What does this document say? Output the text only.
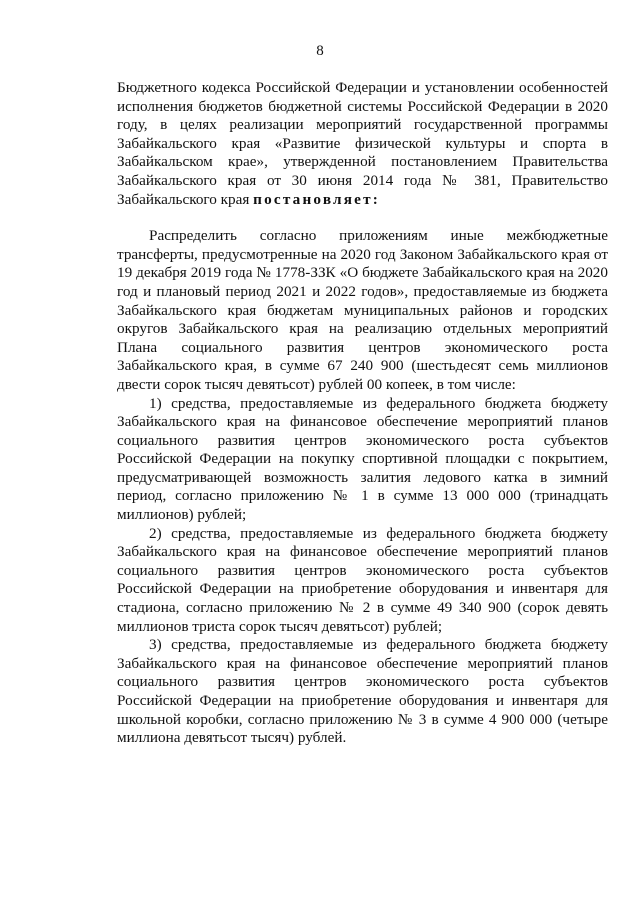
8

Бюджетного кодекса Российской Федерации и установлении особенностей исполнения бюджетов бюджетной системы Российской Федерации в 2020 году, в целях реализации мероприятий государственной программы Забайкальского края «Развитие физической культуры и спорта в Забайкальском крае», утвержденной постановлением Правительства Забайкальского края от 30 июня 2014 года № 381, Правительство Забайкальского края постановляет:

Распределить согласно приложениям иные межбюджетные трансферты, предусмотренные на 2020 год Законом Забайкальского края от 19 декабря 2019 года № 1778-ЗЗК «О бюджете Забайкальского края на 2020 год и плановый период 2021 и 2022 годов», предоставляемые из бюджета Забайкальского края бюджетам муниципальных районов и городских округов Забайкальского края на реализацию отдельных мероприятий Плана социального развития центров экономического роста Забайкальского края, в сумме 67 240 900 (шестьдесят семь миллионов двести сорок тысяч девятьсот) рублей 00 копеек, в том числе:

1) средства, предоставляемые из федерального бюджета бюджету Забайкальского края на финансовое обеспечение мероприятий планов социального развития центров экономического роста субъектов Российской Федерации на покупку спортивной площадки с покрытием, предусматривающей возможность залития ледового катка в зимний период, согласно приложению № 1 в сумме 13 000 000 (тринадцать миллионов) рублей;

2) средства, предоставляемые из федерального бюджета бюджету Забайкальского края на финансовое обеспечение мероприятий планов социального развития центров экономического роста субъектов Российской Федерации на приобретение оборудования и инвентаря для стадиона, согласно приложению № 2 в сумме 49 340 900 (сорок девять миллионов триста сорок тысяч девятьсот) рублей;

3) средства, предоставляемые из федерального бюджета бюджету Забайкальского края на финансовое обеспечение мероприятий планов социального развития центров экономического роста субъектов Российской Федерации на приобретение оборудования и инвентаря для школьной коробки, согласно приложению № 3 в сумме 4 900 000 (четыре миллиона девятьсот тысяч) рублей.
